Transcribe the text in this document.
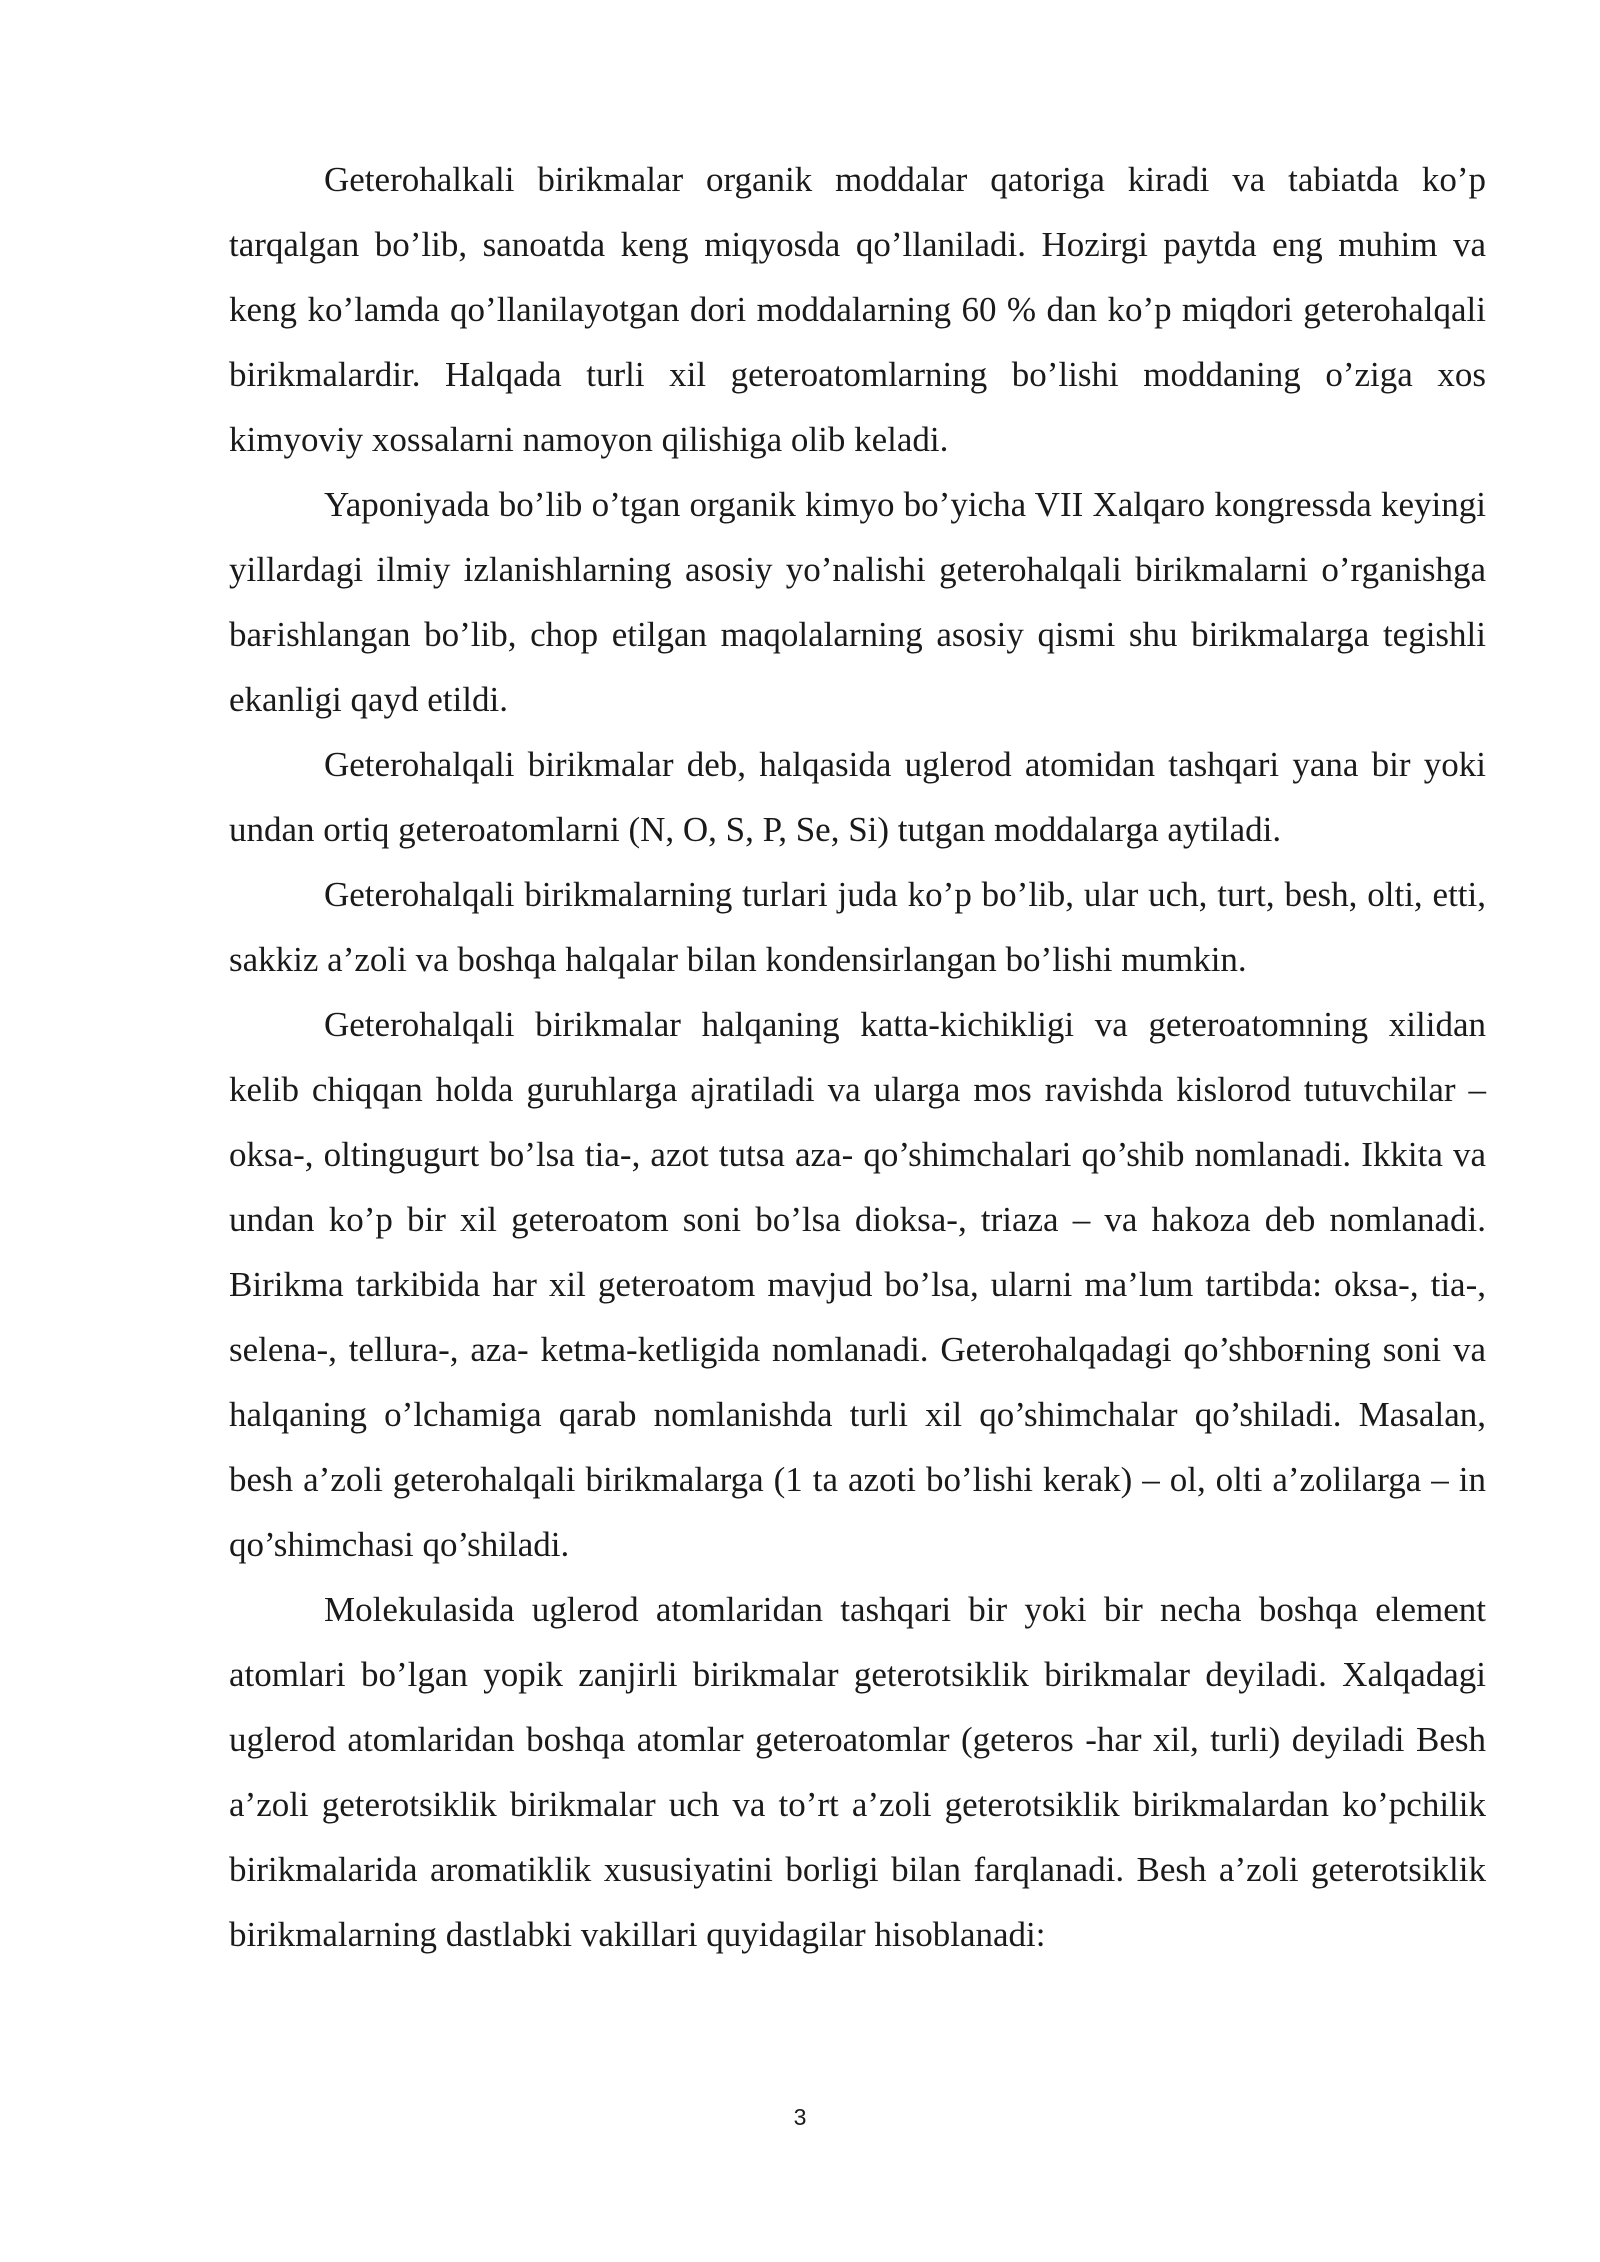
Geterohalkali birikmalar organik moddalar qatoriga kiradi va tabiatda ko’p tarqalgan bo’lib, sanoatda keng miqyosda qo’llaniladi. Hozirgi paytda eng muhim va keng ko’lamda qo’llanilayotgan dori moddalarning 60 % dan ko’p miqdori geterohalqali birikmalardir. Halqada turli xil geteroatomlarning bo’lishi moddaning o’ziga xos kimyoviy xossalarni namoyon qilishiga olib keladi.

Yaponiyada bo’lib o’tgan organik kimyo bo’yicha VII Xalqaro kongressda keyingi yillardagi ilmiy izlanishlarning asosiy yo’nalishi geterohalqali birikmalarni o’rganishga baғishlangan bo’lib, chop etilgan maqolalarning asosiy qismi shu birikmalarga tegishli ekanligi qayd etildi.

Geterohalqali birikmalar deb, halqasida uglerod atomidan tashqari yana bir yoki undan ortiq geteroatomlarni (N, O, S, P, Se, Si) tutgan moddalarga aytiladi.

Geterohalqali birikmalarning turlari juda ko’p bo’lib, ular uch, turt, besh, olti, etti, sakkiz a’zoli va boshqa halqalar bilan kondensirlangan bo’lishi mumkin.

Geterohalqali birikmalar halqaning katta-kichikligi va geteroatomning xilidan kelib chiqqan holda guruhlarga ajratiladi va ularga mos ravishda kislorod tutuvchilar – oksa-, oltingugurt bo’lsa tia-, azot tutsa aza- qo’shimchalari qo’shib nomlanadi. Ikkita va undan ko’p bir xil geteroatom soni bo’lsa dioksa-, triaza – va hakoza deb nomlanadi. Birikma tarkibida har xil geteroatom mavjud bo’lsa, ularni ma’lum tartibda: oksa-, tia-, selena-, tellura-, aza- ketma-ketligida nomlanadi. Geterohalqadagi qo’shboғning soni va halqaning o’lchamiga qarab nomlanishda turli xil qo’shimchalar qo’shiladi. Masalan, besh a’zoli geterohalqali birikmalarga (1 ta azoti bo’lishi kerak) – ol, olti a’zolilarga – in qo’shimchasi qo’shiladi.

Molekulasida uglerod atomlaridan tashqari bir yoki bir necha boshqa element atomlari bo’lgan yopik zanjirli birikmalar geterotsiklik birikmalar deyiladi. Xalqadagi uglerod atomlaridan boshqa atomlar geteroatomlar (geteros -har xil, turli) deyiladi Besh a’zoli geterotsiklik birikmalar uch va to’rt a’zoli geterotsiklik birikmalardan ko’pchilik birikmalarida aromatiklik xususiyatini borligi bilan farqlanadi. Besh a’zoli geterotsiklik birikmalarning dastlabki vakillari quyidagilar hisoblanadi:

3
